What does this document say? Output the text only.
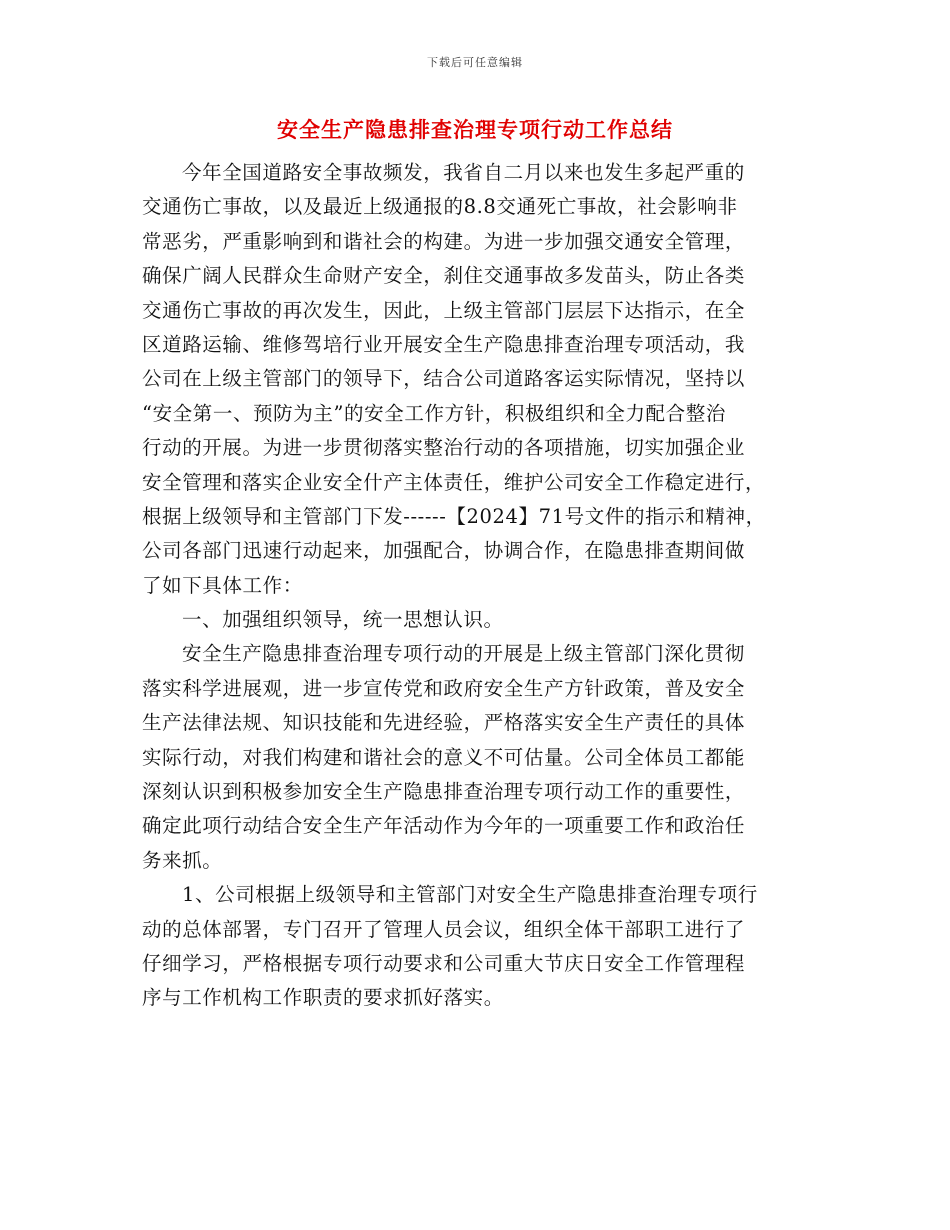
下载后可任意编辑
安全生产隐患排查治理专项行动工作总结
今年全国道路安全事故频发，我省自二月以来也发生多起严重的
交通伤亡事故，以及最近上级通报的8.8交通死亡事故，社会影响非
常恶劣，严重影响到和谐社会的构建。为进一步加强交通安全管理，
确保广阔人民群众生命财产安全，刹住交通事故多发苗头，防止各类
交通伤亡事故的再次发生，因此，上级主管部门层层下达指示，在全
区道路运输、维修驾培行业开展安全生产隐患排查治理专项活动，我
公司在上级主管部门的领导下，结合公司道路客运实际情况，坚持以
“安全第一、预防为主”的安全工作方针，积极组织和全力配合整治
行动的开展。为进一步贯彻落实整治行动的各项措施，切实加强企业
安全管理和落实企业安全什产主体责任，维护公司安全工作稳定进行，
根据上级领导和主管部门下发------【2024】71号文件的指示和精神，
公司各部门迅速行动起来，加强配合，协调合作，在隐患排查期间做
了如下具体工作：
一、加强组织领导，统一思想认识。
安全生产隐患排查治理专项行动的开展是上级主管部门深化贯彻
落实科学进展观，进一步宣传党和政府安全生产方针政策，普及安全
生产法律法规、知识技能和先进经验，严格落实安全生产责任的具体
实际行动，对我们构建和谐社会的意义不可估量。公司全体员工都能
深刻认识到积极参加安全生产隐患排查治理专项行动工作的重要性，
确定此项行动结合安全生产年活动作为今年的一项重要工作和政治任
务来抓。
1、公司根据上级领导和主管部门对安全生产隐患排查治理专项行
动的总体部署，专门召开了管理人员会议，组织全体干部职工进行了
仔细学习，严格根据专项行动要求和公司重大节庆日安全工作管理程
序与工作机构工作职责的要求抓好落实。
